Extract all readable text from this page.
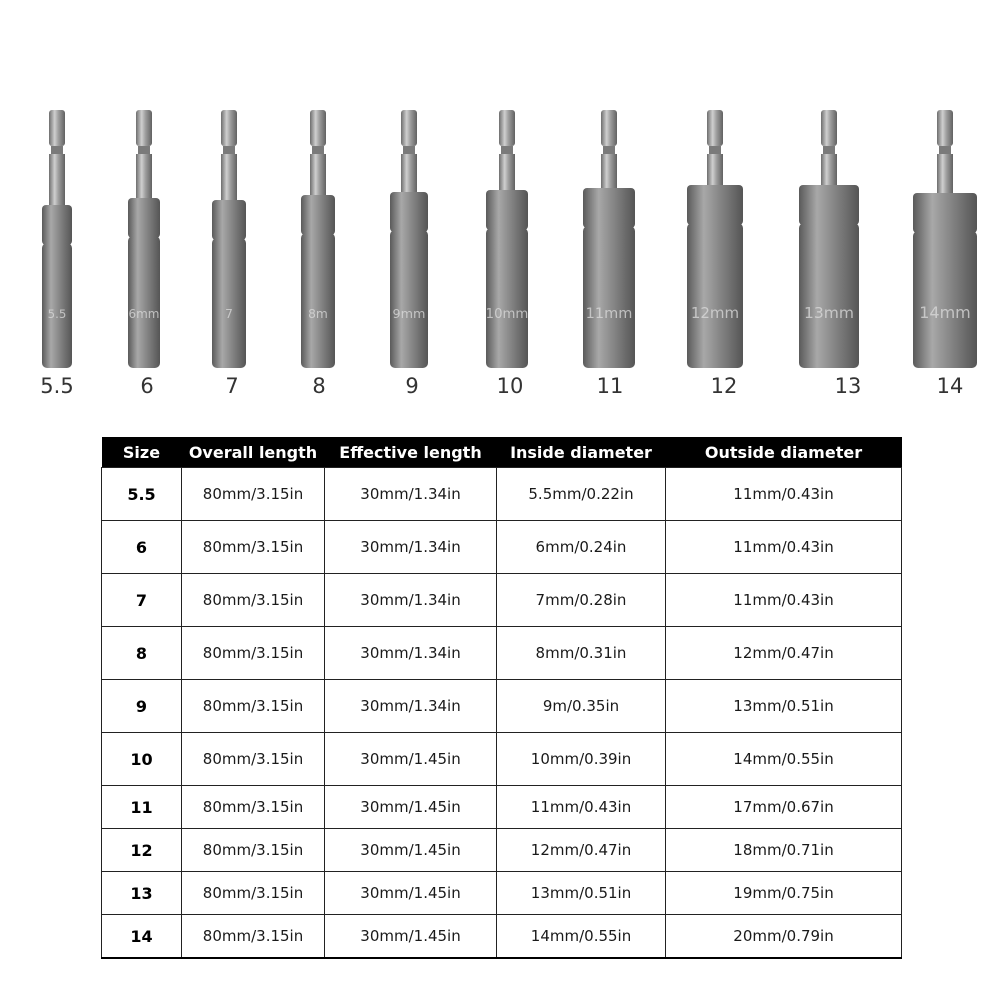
5.5	6mm	7	8m	9mm	10mm	11mm	12mm	13mm	14mm
5.5	6	7	8	9	10	11	12	13	14
Size	Overall length	Effective length	Inside diameter	Outside diameter
5.5	80mm/3.15in	30mm/1.34in	5.5mm/0.22in	11mm/0.43in
6	80mm/3.15in	30mm/1.34in	6mm/0.24in	11mm/0.43in
7	80mm/3.15in	30mm/1.34in	7mm/0.28in	11mm/0.43in
8	80mm/3.15in	30mm/1.34in	8mm/0.31in	12mm/0.47in
9	80mm/3.15in	30mm/1.34in	9m/0.35in	13mm/0.51in
10	80mm/3.15in	30mm/1.45in	10mm/0.39in	14mm/0.55in
11	80mm/3.15in	30mm/1.45in	11mm/0.43in	17mm/0.67in
12	80mm/3.15in	30mm/1.45in	12mm/0.47in	18mm/0.71in
13	80mm/3.15in	30mm/1.45in	13mm/0.51in	19mm/0.75in
14	80mm/3.15in	30mm/1.45in	14mm/0.55in	20mm/0.79in
